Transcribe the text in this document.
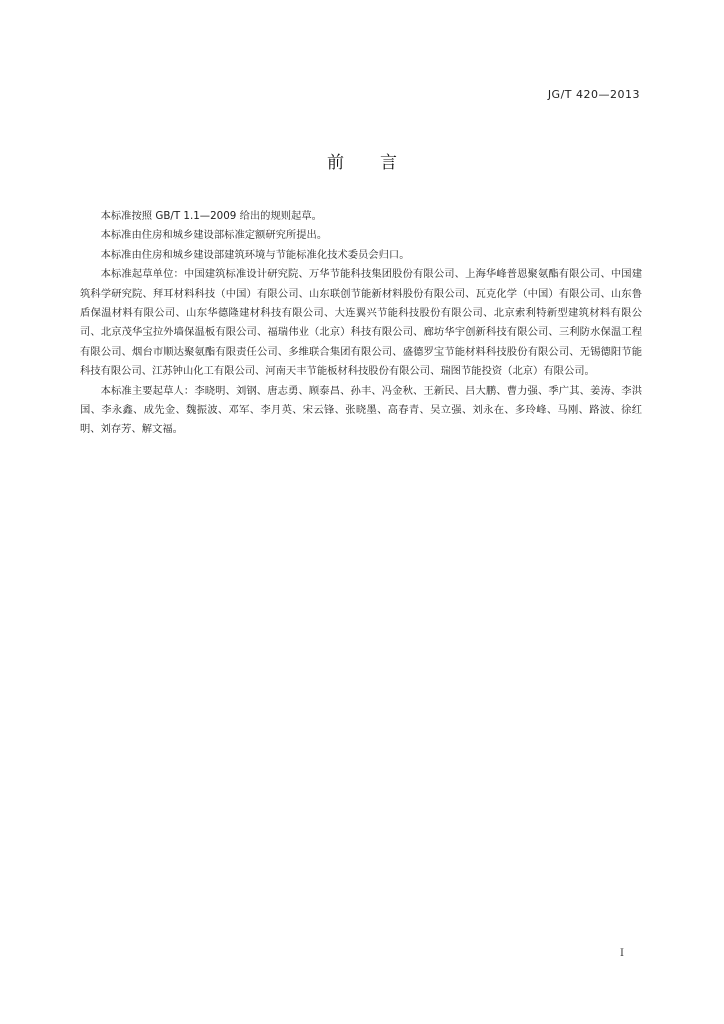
JG/T 420—2013
前 言

本标准按照 GB/T 1.1—2009 给出的规则起草。

本标准由住房和城乡建设部标准定额研究所提出。

本标准由住房和城乡建设部建筑环境与节能标准化技术委员会归口。

本标准起草单位：中国建筑标准设计研究院、万华节能科技集团股份有限公司、上海华峰普恩聚氨酯有限公司、中国建筑科学研究院、拜耳材料科技（中国）有限公司、山东联创节能新材料股份有限公司、瓦克化学（中国）有限公司、山东鲁盾保温材料有限公司、山东华德隆建材科技有限公司、大连翼兴节能科技股份有限公司、北京索利特新型建筑材料有限公司、北京茂华宝拉外墙保温板有限公司、福瑞伟业（北京）科技有限公司、廊坊华宇创新科技有限公司、三利防水保温工程有限公司、烟台市顺达聚氨酯有限责任公司、多维联合集团有限公司、盛德罗宝节能材料科技股份有限公司、无锡德阳节能科技有限公司、江苏钟山化工有限公司、河南天丰节能板材科技股份有限公司、瑞图节能投资（北京）有限公司。

本标准主要起草人：李晓明、刘钢、唐志勇、顾泰昌、孙丰、冯金秋、王新民、吕大鹏、曹力强、季广其、姜涛、李洪国、李永鑫、成先金、魏振波、邓军、李月英、宋云锋、张晓墨、高春青、吴立强、刘永在、多玲峰、马刚、路波、徐红明、刘存芳、解文福。

I
